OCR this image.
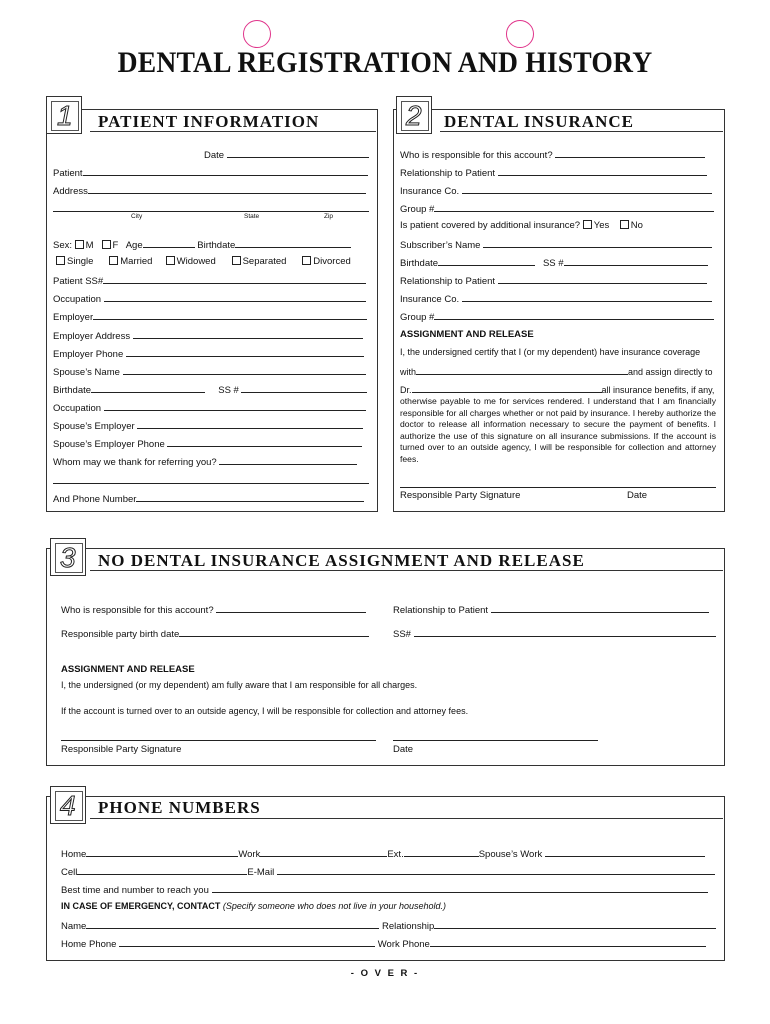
DENTAL REGISTRATION AND HISTORY
1 PATIENT INFORMATION
Date
Patient
Address
City	State	Zip
Sex: M F Age	Birthdate
Single	Married	Widowed	Separated	Divorced
Patient SS#
Occupation
Employer
Employer Address
Employer Phone
Spouse’s Name
Birthdate	SS #
Occupation
Spouse’s Employer
Spouse’s Employer Phone
Whom may we thank for referring you?
And Phone Number
2 DENTAL INSURANCE
Who is responsible for this account?
Relationship to Patient
Insurance Co.
Group #
Is patient covered by additional insurance? Yes No
Subscriber’s Name
Birthdate	SS #
Relationship to Patient
Insurance Co.
Group #
ASSIGNMENT AND RELEASE
I, the undersigned certify that I (or my dependent) have insurance coverage
with	and assign directly to
Dr.	all insurance benefits, if any,
otherwise payable to me for services rendered. I understand that I am financially responsible for all charges whether or not paid by insurance. I hereby authorize the doctor to release all information necessary to secure the payment of benefits. I authorize the use of this signature on all insurance submissions. If the account is turned over to an outside agency, I will be responsible for collection and attorney fees.
Responsible Party Signature	Date
3 NO DENTAL INSURANCE ASSIGNMENT AND RELEASE
Who is responsible for this account?	Relationship to Patient
Responsible party birth date	SS#
ASSIGNMENT AND RELEASE
I, the undersigned (or my dependent) am fully aware that I am responsible for all charges.
If the account is turned over to an outside agency, I will be responsible for collection and attorney fees.
Responsible Party Signature	Date
4 PHONE NUMBERS
Home	Work	Ext.	Spouse’s Work
Cell	E-Mail
Best time and number to reach you
IN CASE OF EMERGENCY, CONTACT (Specify someone who does not live in your household.)
Name	Relationship
Home Phone	Work Phone
- O V E R -
